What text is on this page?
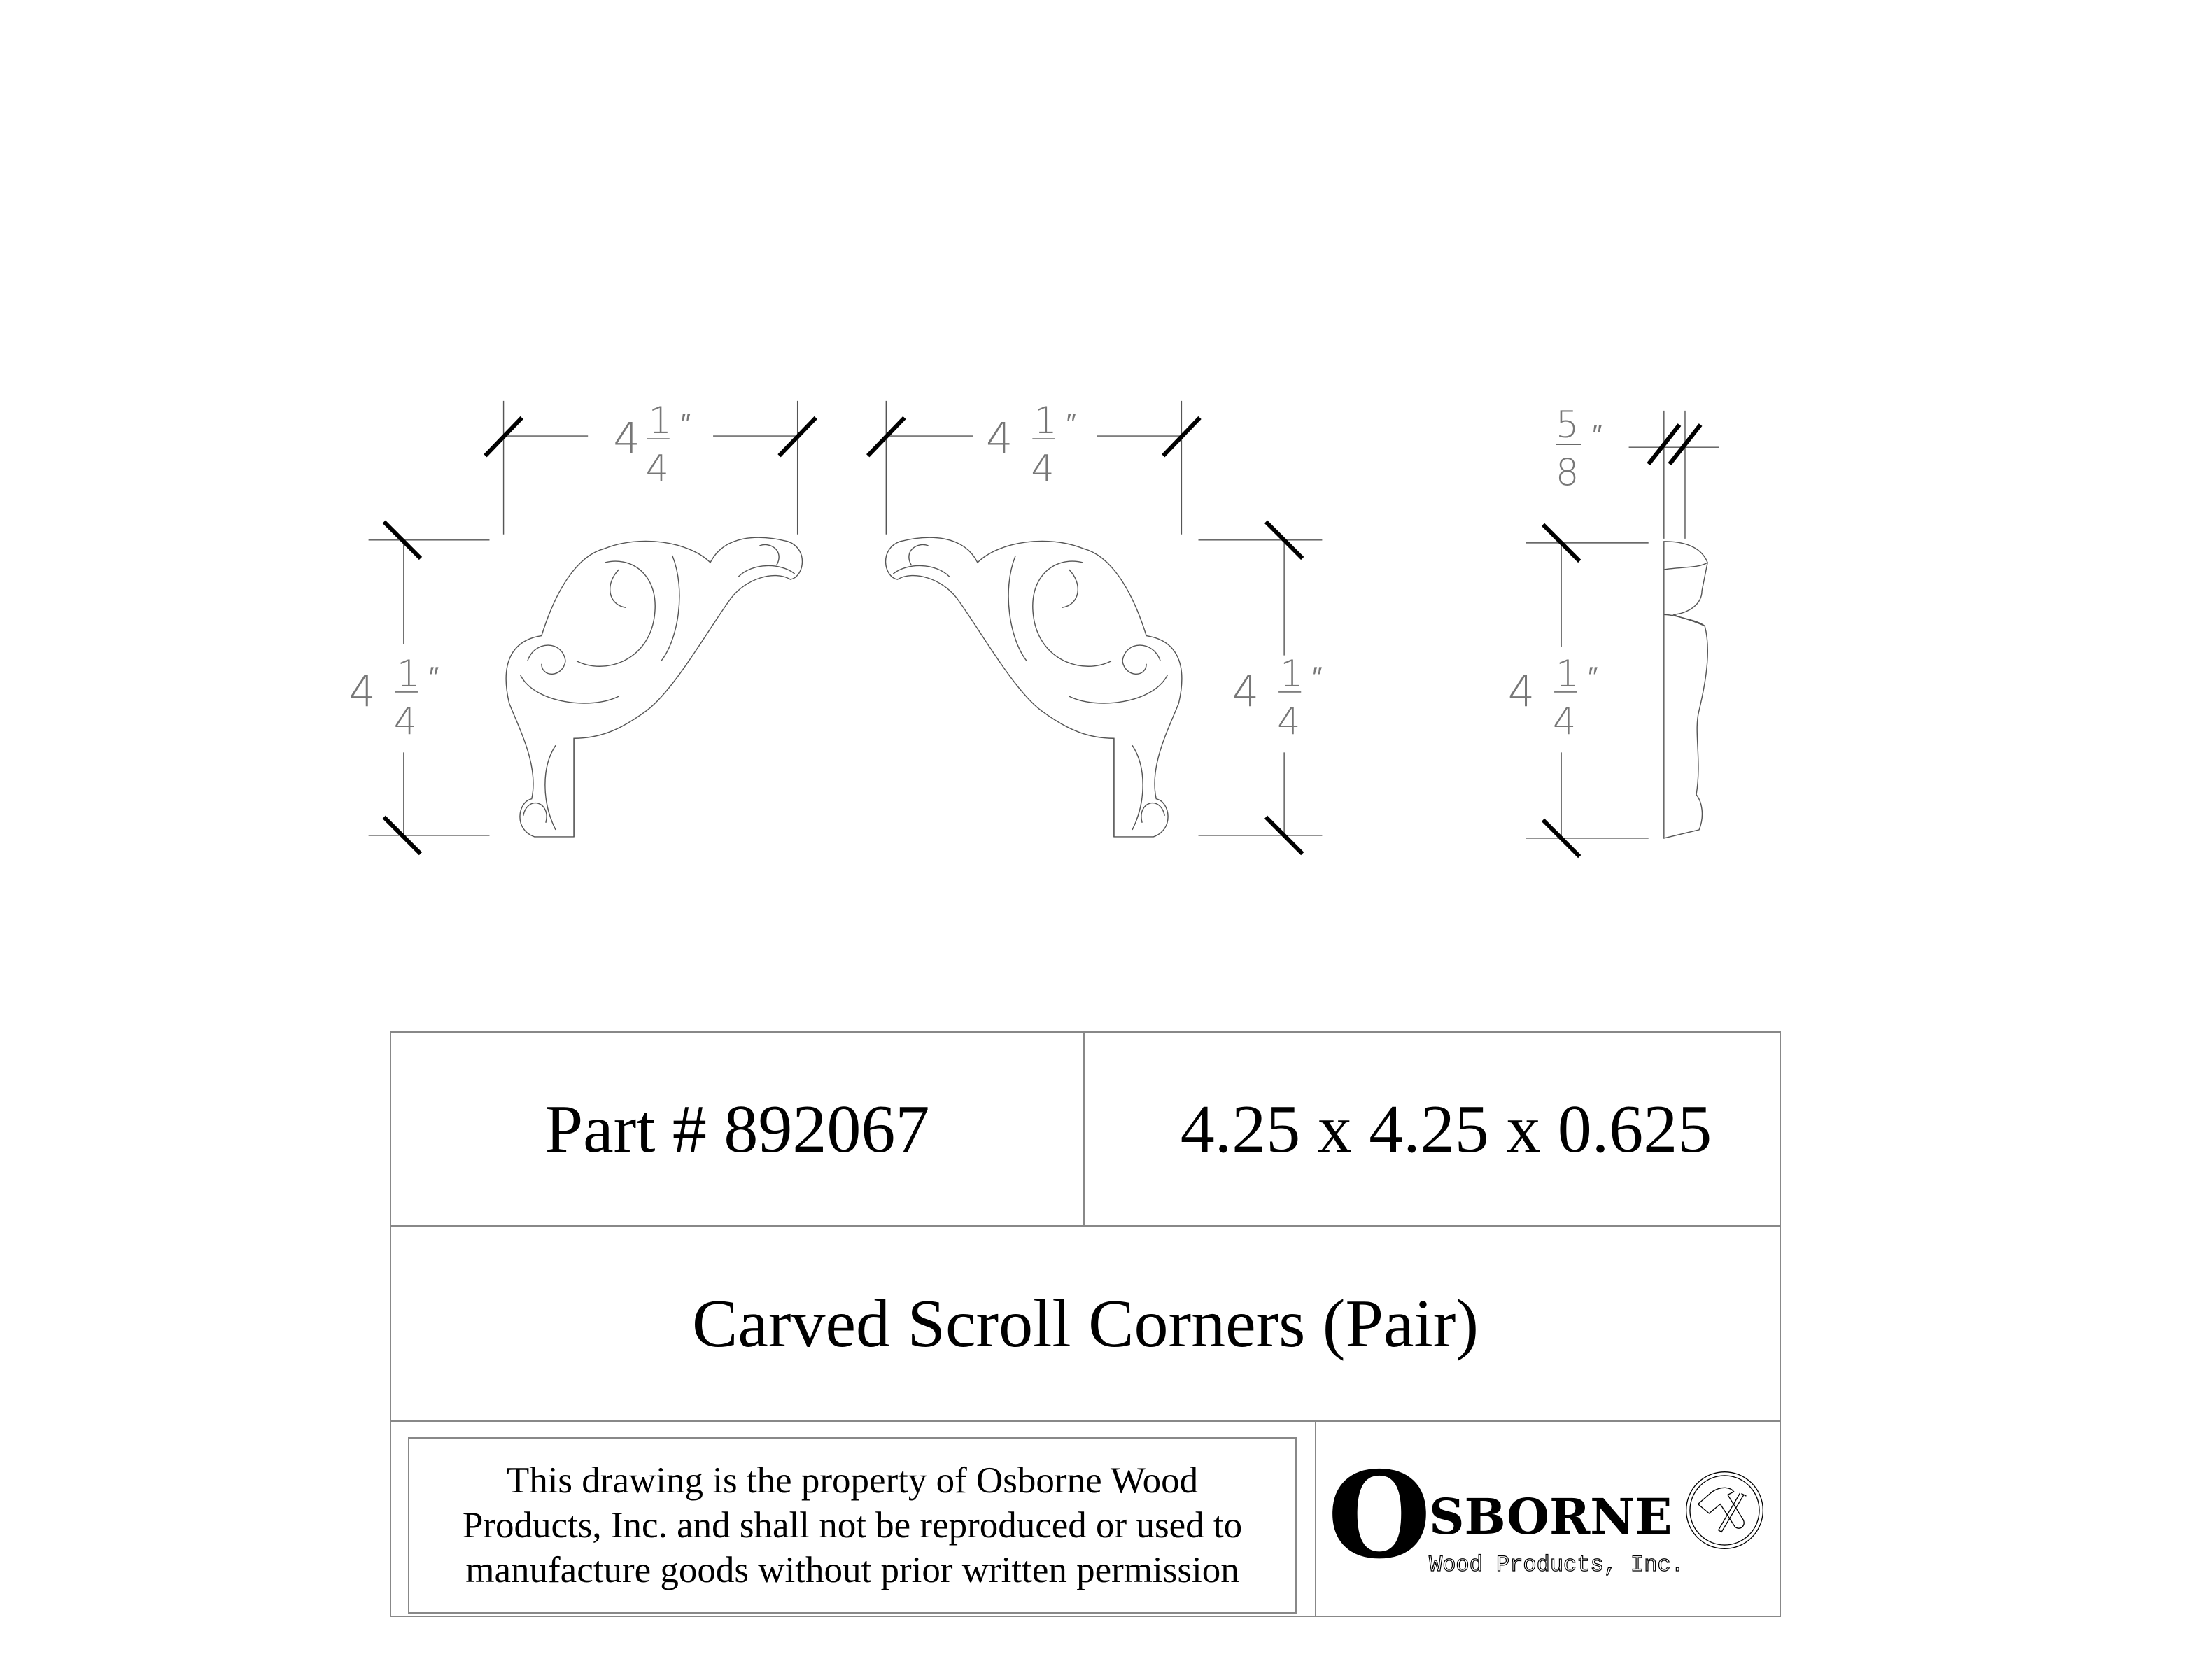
4 1
4
″
4 1
4
″
4 1
4
″
4 1
4
″
5
8
″
4 1
4
″
Part # 892067	4.25 x 4.25 x 0.625
Carved Scroll Corners (Pair)
This drawing is the property of Osborne Wood
Products, Inc. and shall not be reproduced or used to
manufacture goods without prior written permission O
SBORNE
Wood Products, Inc.
